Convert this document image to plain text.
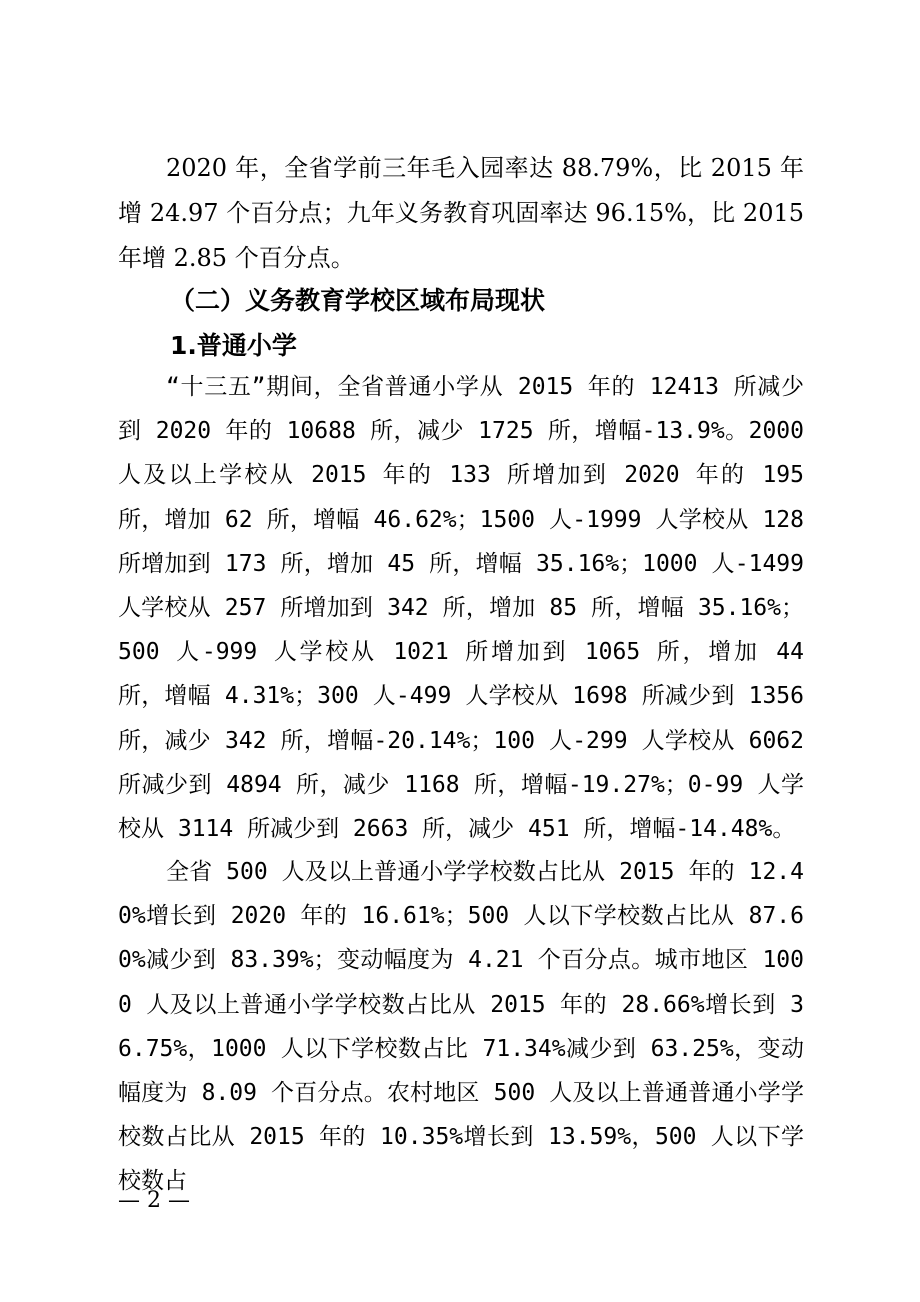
2020 年，全省学前三年毛入园率达 88.79%，比 2015 年增 24.97 个百分点；九年义务教育巩固率达 96.15%，比 2015 年增 2.85 个百分点。

（二）义务教育学校区域布局现状
1.普通小学

“十三五”期间，全省普通小学从 2015 年的 12413 所减少到 2020 年的 10688 所，减少 1725 所，增幅-13.9%。2000 人及以上学校从 2015 年的 133 所增加到 2020 年的 195 所，增加 62 所，增幅 46.62%；1500 人-1999 人学校从 128 所增加到 173 所，增加 45 所，增幅 35.16%；1000 人-1499 人学校从 257 所增加到 342 所，增加 85 所，增幅 35.16%；500 人-999 人学校从 1021 所增加到 1065 所，增加 44 所，增幅 4.31%；300 人-499 人学校从 1698 所减少到 1356 所，减少 342 所，增幅-20.14%；100 人-299 人学校从 6062 所减少到 4894 所，减少 1168 所，增幅-19.27%；0-99 人学校从 3114 所减少到 2663 所，减少 451 所，增幅-14.48%。

全省 500 人及以上普通小学学校数占比从 2015 年的 12.40%增长到 2020 年的 16.61%；500 人以下学校数占比从 87.60%减少到 83.39%；变动幅度为 4.21 个百分点。城市地区 1000 人及以上普通小学学校数占比从 2015 年的 28.66%增长到 36.75%，1000 人以下学校数占比 71.34%减少到 63.25%，变动幅度为 8.09 个百分点。农村地区 500 人及以上普通普通小学学校数占比从 2015 年的 10.35%增长到 13.59%，500 人以下学校数占

— 2 —
